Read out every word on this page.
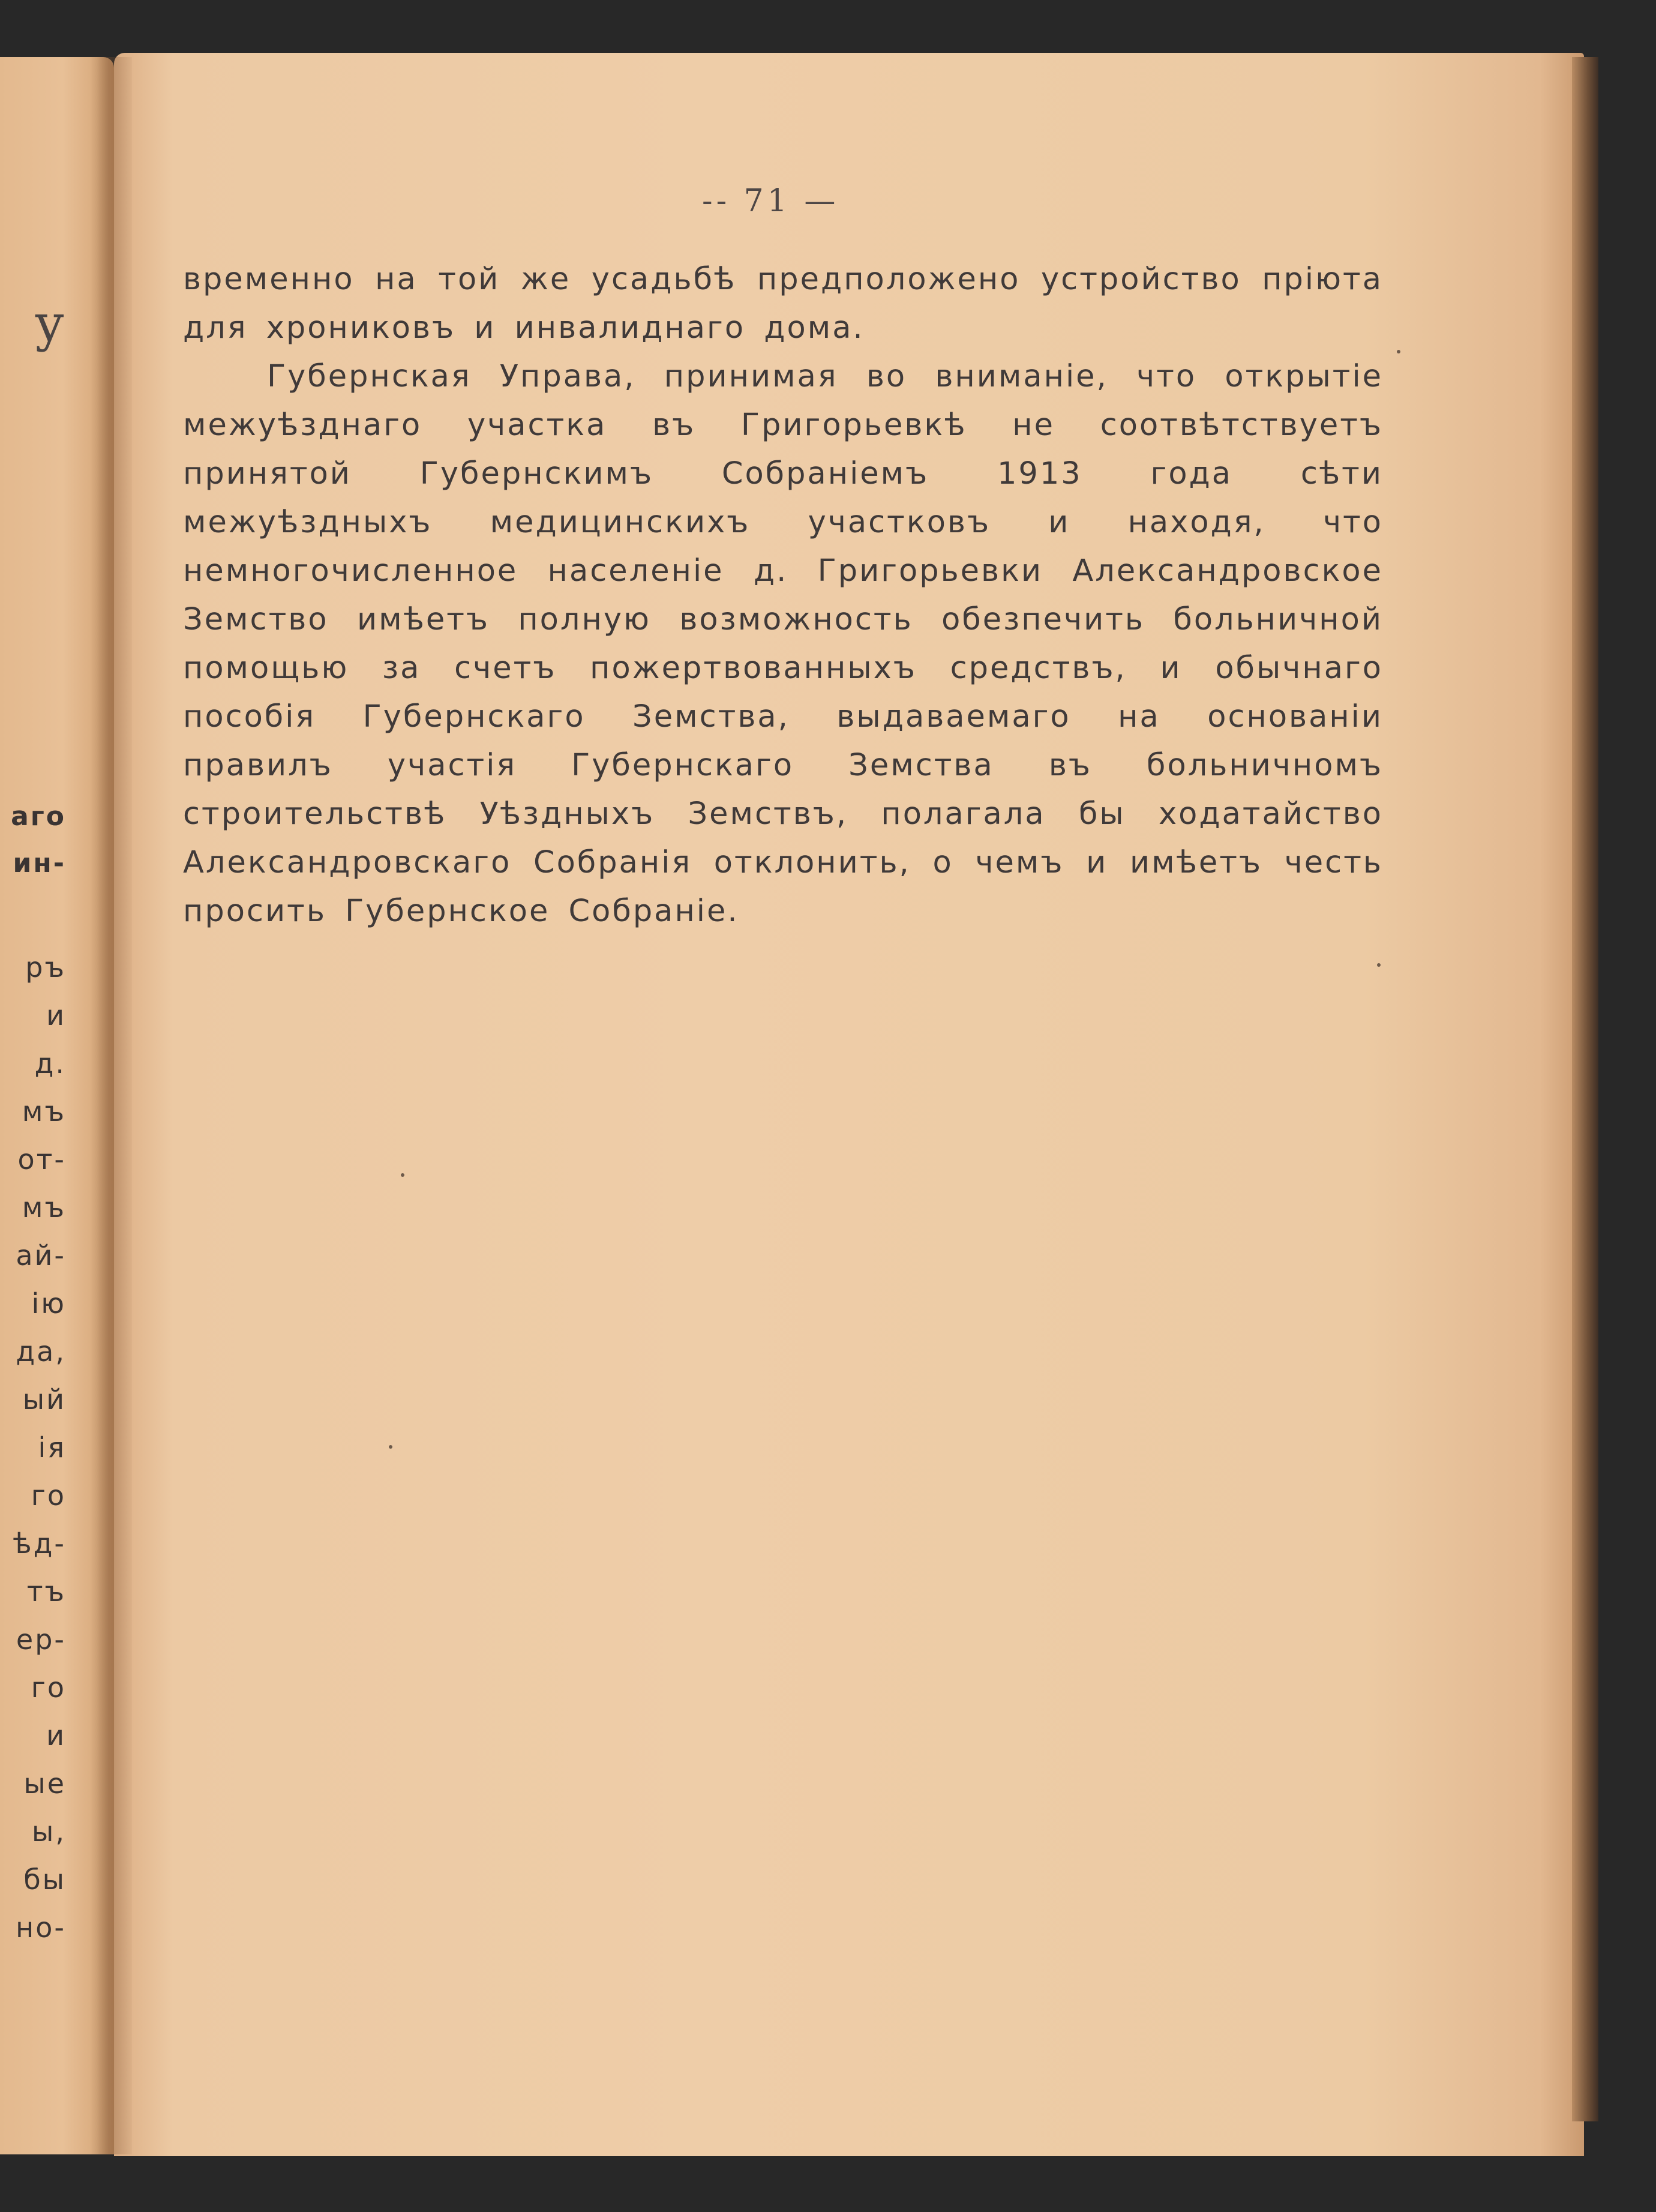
у
аго
ин-
ръ
и
д.
мъ
от-
мъ
ай-
ію
да,
ый
ія
го
ѣд-
тъ
ер-
го
и
ые
ы,
бы
но-
-- 71 —

временно на той же усадьбѣ предположено устройство пріюта для хрониковъ и инвалиднаго дома.

Губернская Управа, принимая во вниманіе, что открытіе межуѣзднаго участка въ Григорьевкѣ не соотвѣтствуетъ принятой Губернскимъ Собраніемъ 1913 года сѣти межуѣздныхъ медицинскихъ участковъ и находя, что немногочисленное населеніе д. Григорьевки Александровское Земство имѣетъ полную возможность обезпечить больничной помощью за счетъ пожертвованныхъ средствъ, и обычнаго пособія Губернскаго Земства, выдаваемаго на основаніи правилъ участія Губернскаго Земства въ больничномъ строительствѣ Уѣздныхъ Земствъ, полагала бы ходатайство Александровскаго Собранія отклонить, о чемъ и имѣетъ честь просить Губернское Собраніе.
